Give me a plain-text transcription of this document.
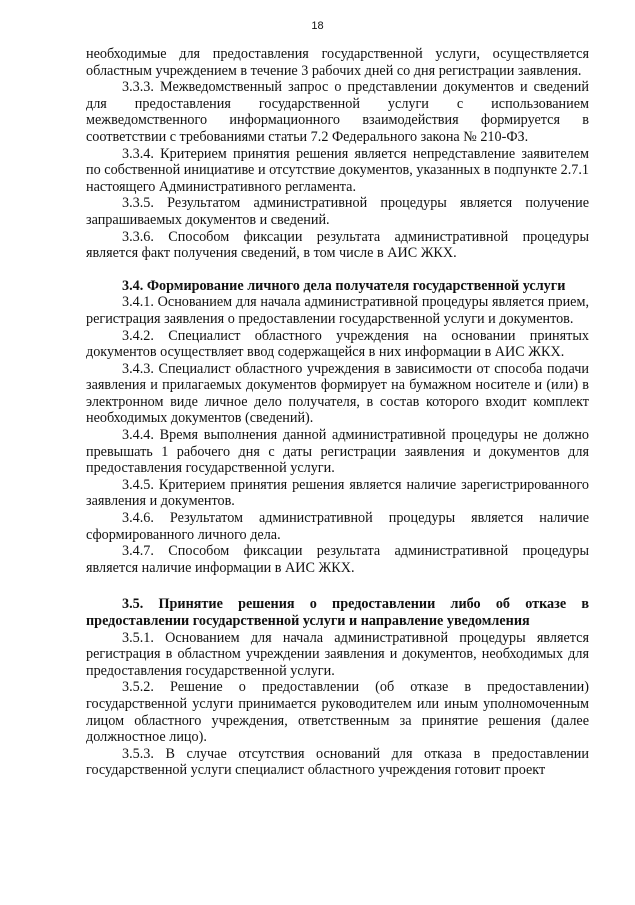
18

необходимые для предоставления государственной услуги, осуществляется областным учреждением в течение 3 рабочих дней со дня регистрации заявления.

3.3.3. Межведомственный запрос о представлении документов и сведений для предоставления государственной услуги с использованием межведомственного информационного взаимодействия формируется в соответствии с требованиями статьи 7.2 Федерального закона № 210-ФЗ.

3.3.4. Критерием принятия решения является непредставление заявителем по собственной инициативе и отсутствие документов, указанных в подпункте 2.7.1 настоящего Административного регламента.

3.3.5. Результатом административной процедуры является получение запрашиваемых документов и сведений.

3.3.6. Способом фиксации результата административной процедуры является факт получения сведений, в том числе в АИС ЖКХ.

3.4. Формирование личного дела получателя государственной услуги

3.4.1. Основанием для начала административной процедуры является прием, регистрация заявления о предоставлении государственной услуги и документов.

3.4.2. Специалист областного учреждения на основании принятых документов осуществляет ввод содержащейся в них информации в АИС ЖКХ.

3.4.3. Специалист областного учреждения в зависимости от способа подачи заявления и прилагаемых документов формирует на бумажном носителе и (или) в электронном виде личное дело получателя, в состав которого входит комплект необходимых документов (сведений).

3.4.4. Время выполнения данной административной процедуры не должно превышать 1 рабочего дня с даты регистрации заявления и документов для предоставления государственной услуги.

3.4.5. Критерием принятия решения является наличие зарегистрированного заявления и документов.

3.4.6. Результатом административной процедуры является наличие сформированного личного дела.

3.4.7. Способом фиксации результата административной процедуры является наличие информации в АИС ЖКХ.

3.5. Принятие решения о предоставлении либо об отказе в предоставлении государственной услуги и направление уведомления

3.5.1. Основанием для начала административной процедуры является регистрация в областном учреждении заявления и документов, необходимых для предоставления государственной услуги.

3.5.2. Решение о предоставлении (об отказе в предоставлении) государственной услуги принимается руководителем или иным уполномоченным лицом областного учреждения, ответственным за принятие решения (далее должностное лицо).

3.5.3. В случае отсутствия оснований для отказа в предоставлении государственной услуги специалист областного учреждения готовит проект
